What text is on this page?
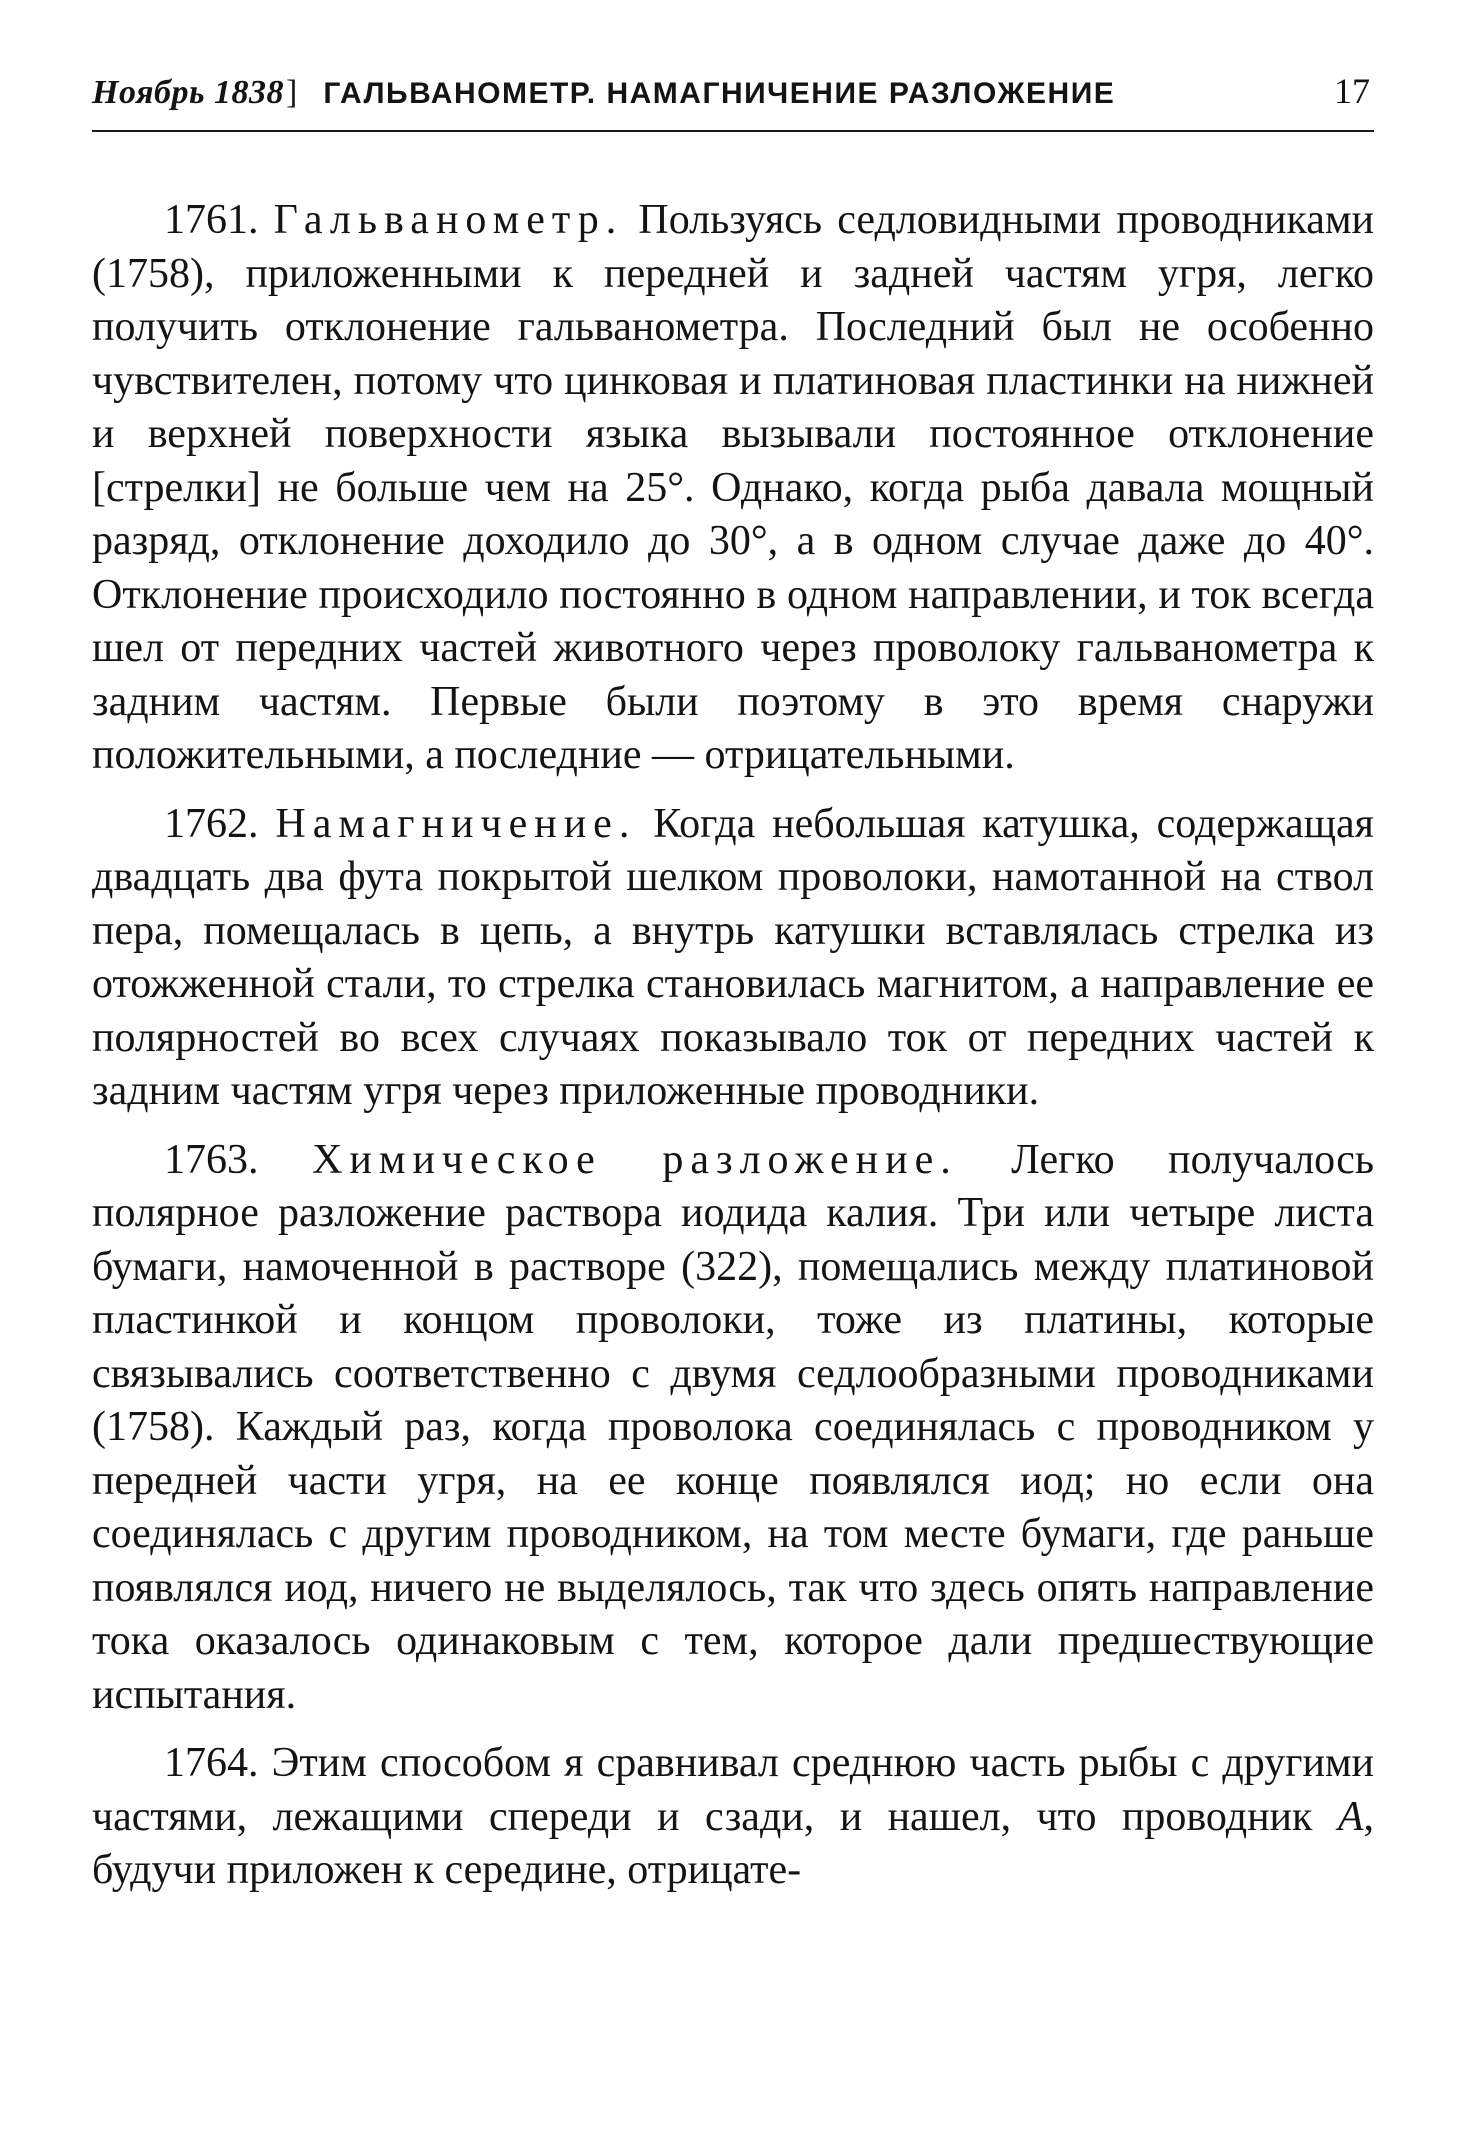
Ноябрь 1838 ] ГАЛЬВАНОМЕТР. НАМАГНИЧЕНИЕ РАЗЛОЖЕНИЕ	17

1761. Гальванометр. Пользуясь седловидными проводниками (1758), приложенными к передней и задней частям угря, легко получить отклонение гальванометра. Последний был не особенно чувствителен, потому что цинковая и платиновая пластинки на нижней и верхней поверхности языка вызывали постоянное отклонение [стрелки] не больше чем на 25°. Однако, когда рыба давала мощный разряд, отклонение доходило до 30°, а в одном случае даже до 40°. Отклонение происходило постоянно в одном направлении, и ток всегда шел от передних частей животного через проволоку гальванометра к задним частям. Первые были поэтому в это время снаружи положительными, а последние — отрицательными.

1762. Намагничение. Когда небольшая катушка, содержащая двадцать два фута покрытой шелком проволоки, намотанной на ствол пера, помещалась в цепь, а внутрь катушки вставлялась стрелка из отожженной стали, то стрелка становилась магнитом, а направление ее полярностей во всех случаях показывало ток от передних частей к задним частям угря через приложенные проводники.

1763. Химическое разложение. Легко получалось полярное разложение раствора иодида калия. Три или четыре листа бумаги, намоченной в растворе (322), помещались между платиновой пластинкой и концом проволоки, тоже из платины, которые связывались соответственно с двумя седлообразными проводниками (1758). Каждый раз, когда проволока соединялась с проводником у передней части угря, на ее конце появлялся иод; но если она соединялась с другим проводником, на том месте бумаги, где раньше появлялся иод, ничего не выделялось, так что здесь опять направление тока оказалось одинаковым с тем, которое дали предшествующие испытания.

1764. Этим способом я сравнивал среднюю часть рыбы с другими частями, лежащими спереди и сзади, и нашел, что проводник A, будучи приложен к середине, отрицате-
